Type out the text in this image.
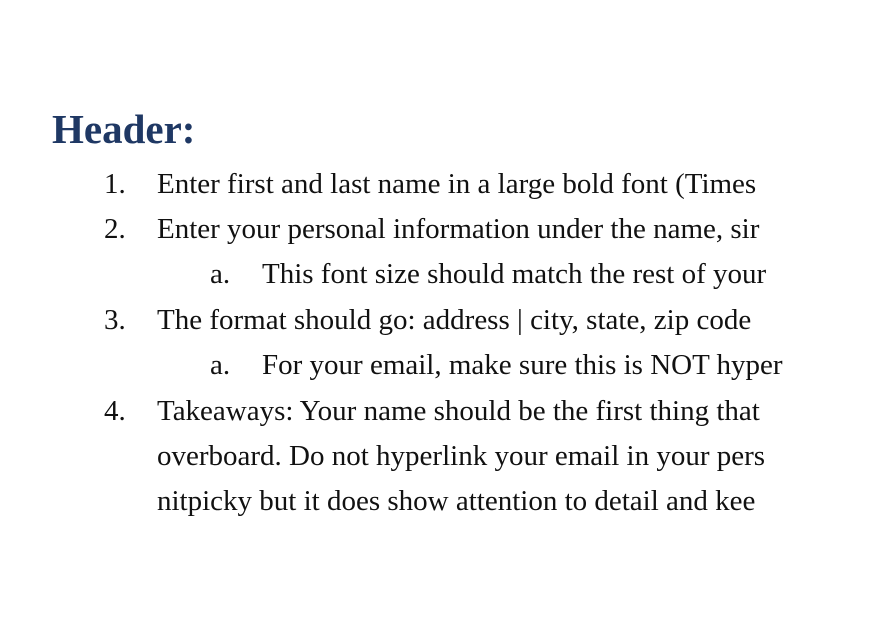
Header:
1. Enter first and last name in a large bold font (Times
2. Enter your personal information under the name, sir
a. This font size should match the rest of your
3. The format should go: address | city, state, zip code
a. For your email, make sure this is NOT hyper
4. Takeaways: Your name should be the first thing that
overboard. Do not hyperlink your email in your pers
nitpicky but it does show attention to detail and kee
